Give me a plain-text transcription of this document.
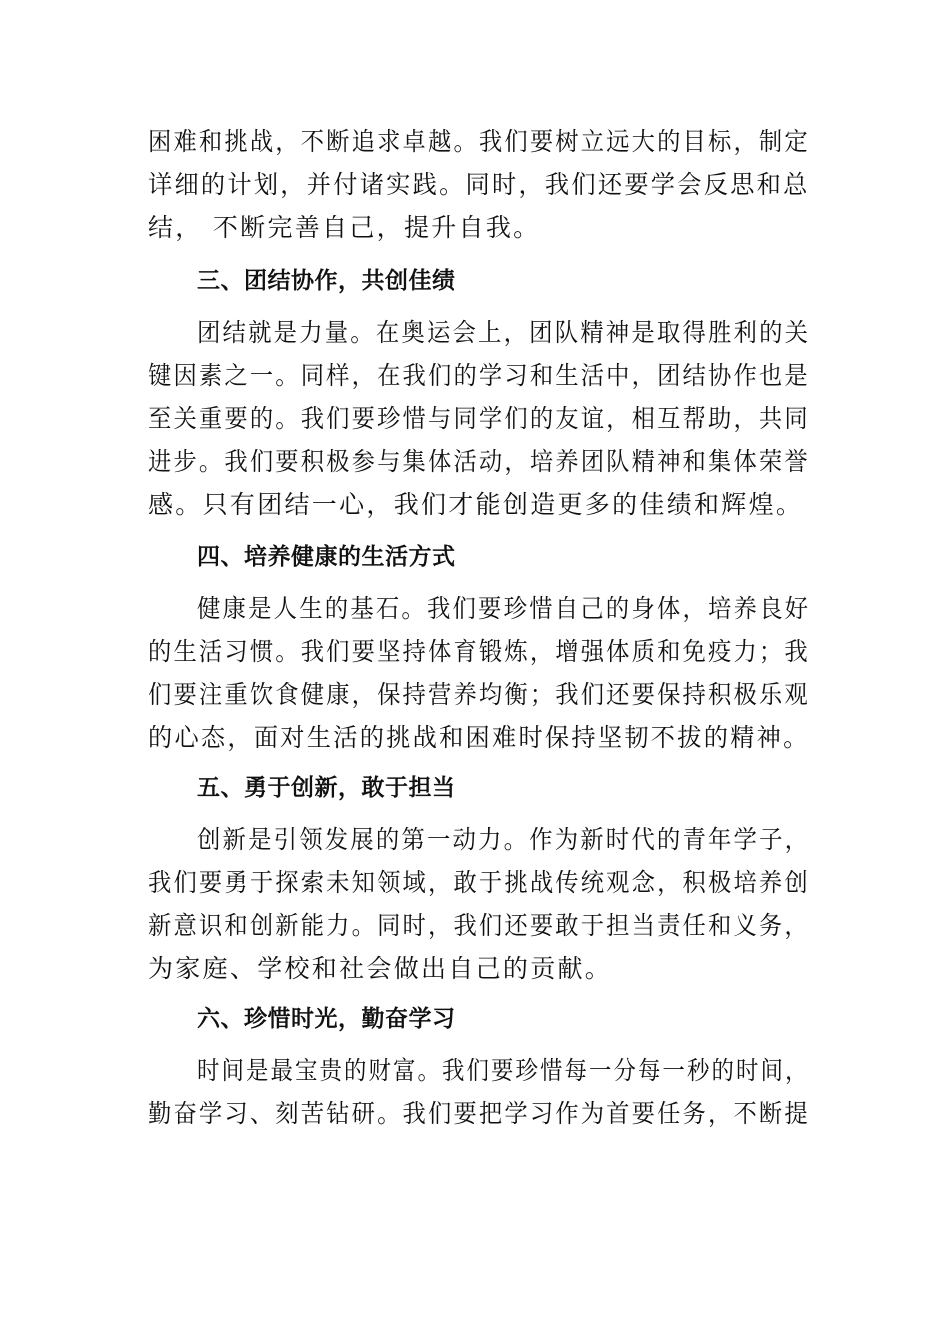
困难和挑战，不断追求卓越。我们要树立远大的目标，制定
详细的计划，并付诸实践。同时，我们还要学会反思和总
结， 不断完善自己，提升自我。
三、团结协作，共创佳绩
团结就是力量。在奥运会上，团队精神是取得胜利的关
键因素之一。同样，在我们的学习和生活中，团结协作也是
至关重要的。我们要珍惜与同学们的友谊，相互帮助，共同
进步。我们要积极参与集体活动，培养团队精神和集体荣誉
感。只有团结一心，我们才能创造更多的佳绩和辉煌。
四、培养健康的生活方式
健康是人生的基石。我们要珍惜自己的身体，培养良好
的生活习惯。我们要坚持体育锻炼，增强体质和免疫力；我
们要注重饮食健康，保持营养均衡；我们还要保持积极乐观
的心态，面对生活的挑战和困难时保持坚韧不拔的精神。
五、勇于创新，敢于担当
创新是引领发展的第一动力。作为新时代的青年学子，
我们要勇于探索未知领域，敢于挑战传统观念，积极培养创
新意识和创新能力。同时，我们还要敢于担当责任和义务，
为家庭、学校和社会做出自己的贡献。
六、珍惜时光，勤奋学习
时间是最宝贵的财富。我们要珍惜每一分每一秒的时间，
勤奋学习、刻苦钻研。我们要把学习作为首要任务，不断提
